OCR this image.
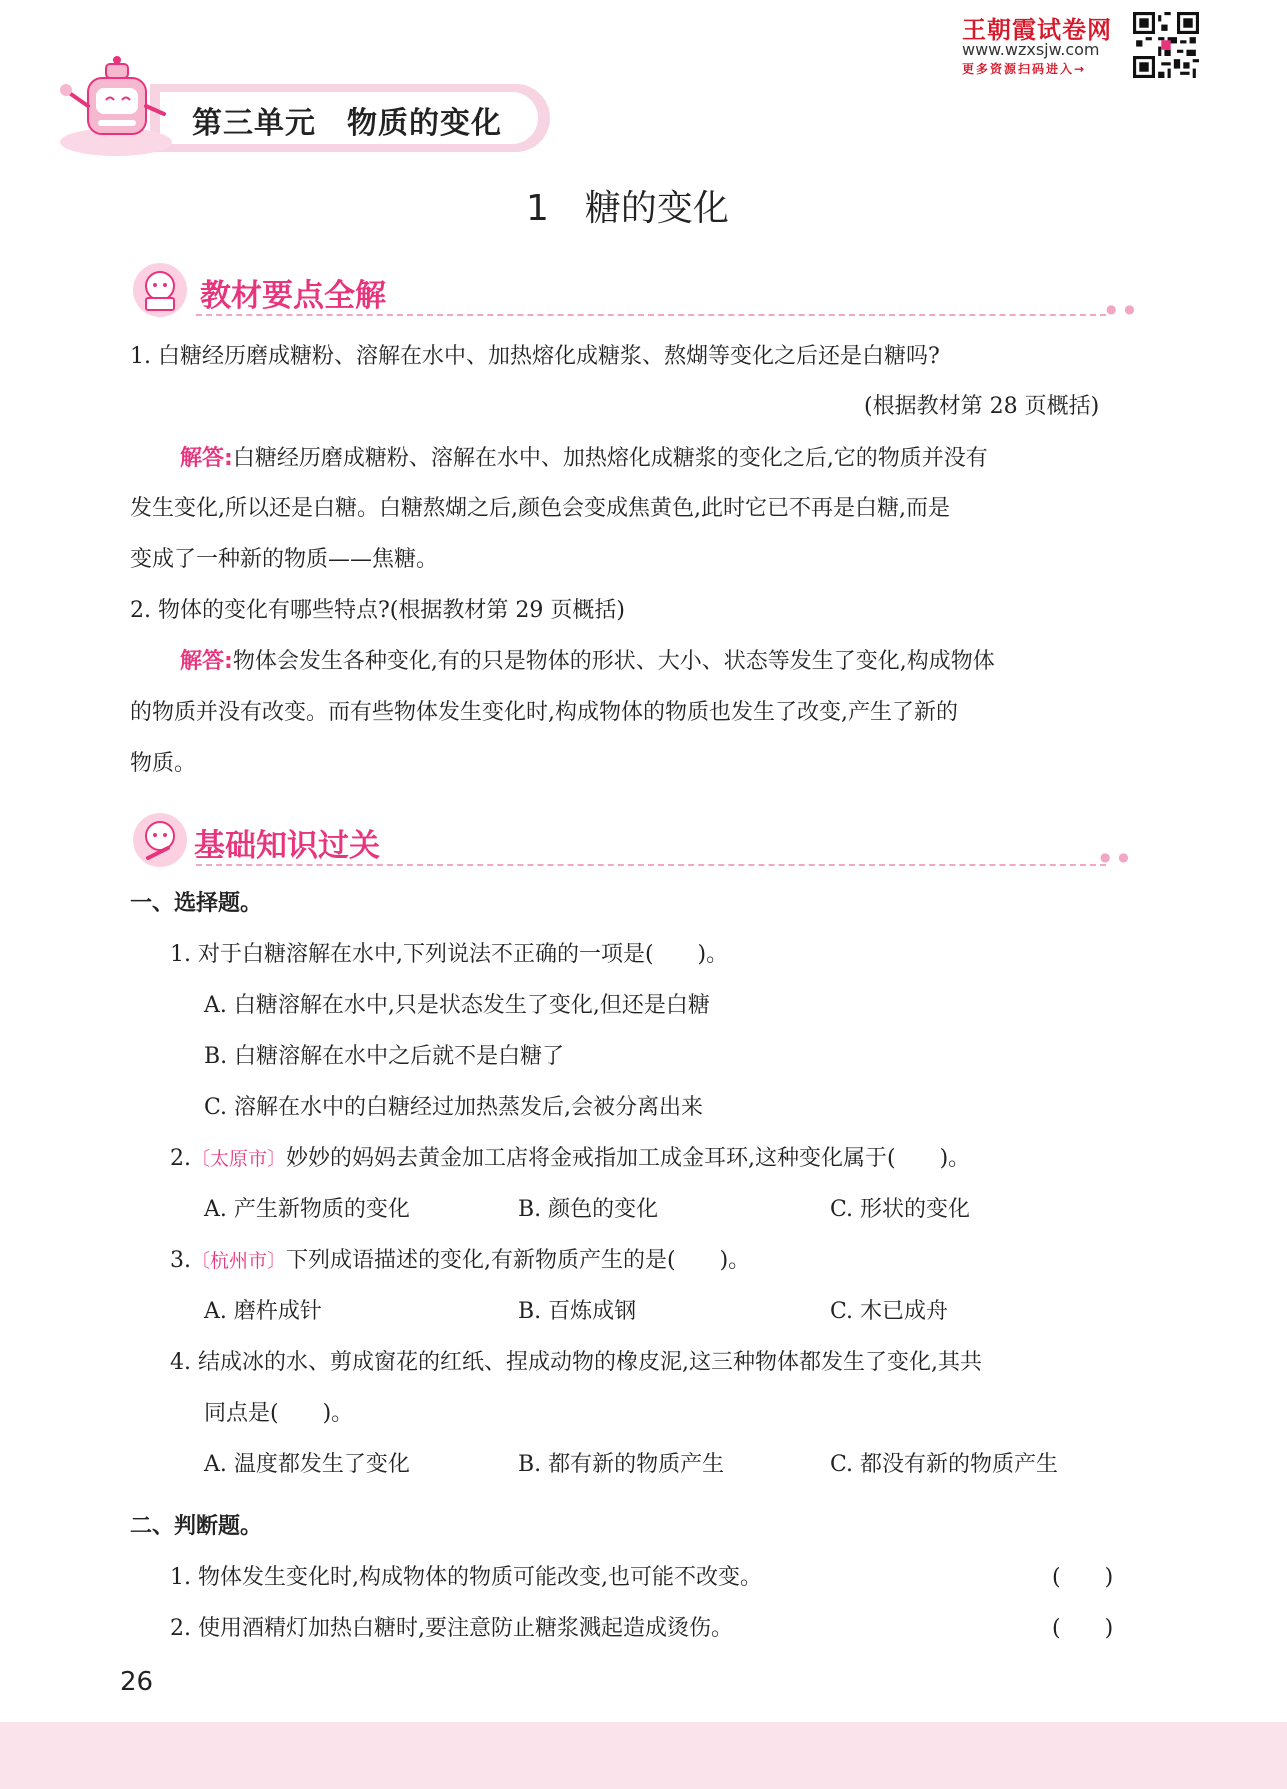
王朝霞试卷网
www.wzxsjw.com
更多资源扫码进入→
第三单元　物质的变化
1　糖的变化
教材要点全解	● ●
1. 白糖经历磨成糖粉、溶解在水中、加热熔化成糖浆、熬煳等变化之后还是白糖吗?
(根据教材第 28 页概括)
解答:白糖经历磨成糖粉、溶解在水中、加热熔化成糖浆的变化之后,它的物质并没有
发生变化,所以还是白糖。白糖熬煳之后,颜色会变成焦黄色,此时它已不再是白糖,而是
变成了一种新的物质——焦糖。
2. 物体的变化有哪些特点?(根据教材第 29 页概括)
解答:物体会发生各种变化,有的只是物体的形状、大小、状态等发生了变化,构成物体
的物质并没有改变。而有些物体发生变化时,构成物体的物质也发生了改变,产生了新的
物质。
基础知识过关	● ●
一、选择题。
1. 对于白糖溶解在水中,下列说法不正确的一项是(　　)。
A. 白糖溶解在水中,只是状态发生了变化,但还是白糖
B. 白糖溶解在水中之后就不是白糖了
C. 溶解在水中的白糖经过加热蒸发后,会被分离出来
2.〔太原市〕妙妙的妈妈去黄金加工店将金戒指加工成金耳环,这种变化属于(　　)。
A. 产生新物质的变化	B. 颜色的变化	C. 形状的变化
3.〔杭州市〕下列成语描述的变化,有新物质产生的是(　　)。
A. 磨杵成针	B. 百炼成钢	C. 木已成舟
4. 结成冰的水、剪成窗花的红纸、捏成动物的橡皮泥,这三种物体都发生了变化,其共
同点是(　　)。
A. 温度都发生了变化	B. 都有新的物质产生	C. 都没有新的物质产生
二、判断题。
1. 物体发生变化时,构成物体的物质可能改变,也可能不改变。	(　　)
2. 使用酒精灯加热白糖时,要注意防止糖浆溅起造成烫伤。	(　　)
26
